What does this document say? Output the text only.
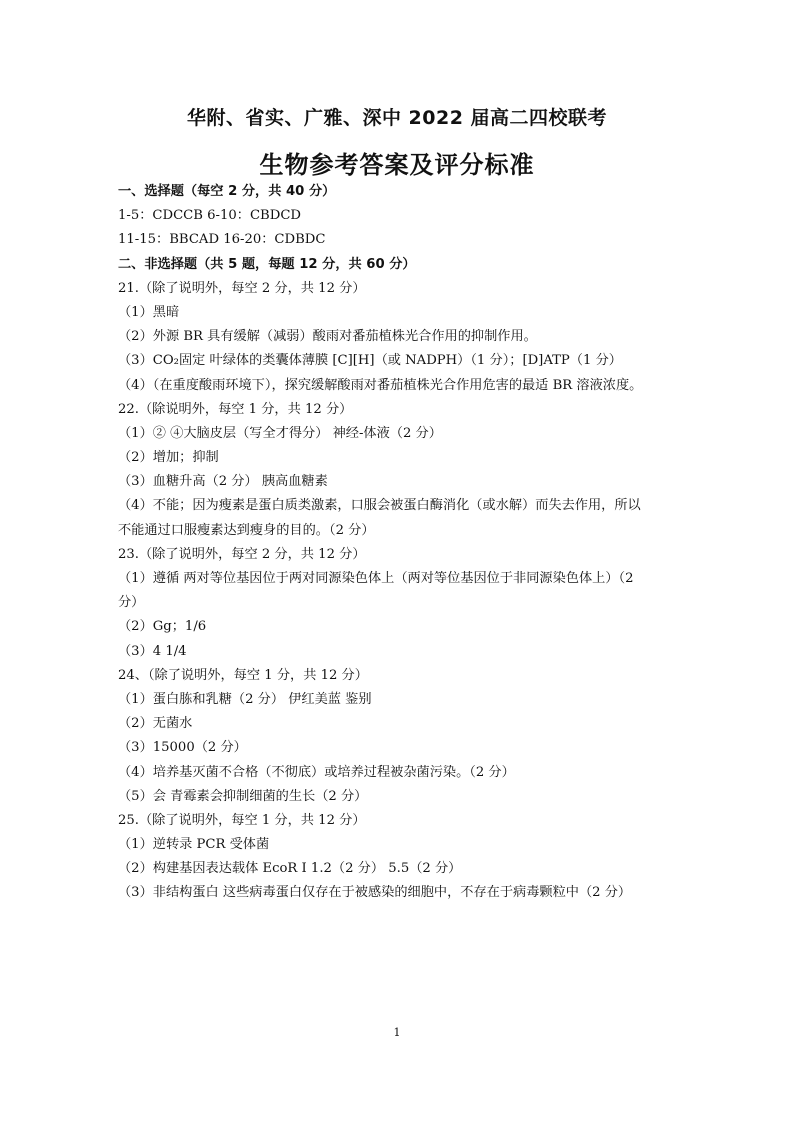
华附、省实、广雅、深中 2022 届高二四校联考
生物参考答案及评分标准
一、选择题（每空 2 分，共 40 分）
1-5：CDCCB 6-10：CBDCD
11-15：BBCAD 16-20：CDBDC
二、非选择题（共 5 题，每题 12 分，共 60 分）
21.（除了说明外，每空 2 分，共 12 分）
（1）黑暗
（2）外源 BR 具有缓解（减弱）酸雨对番茄植株光合作用的抑制作用。
（3）CO₂固定 叶绿体的类囊体薄膜 [C][H]（或 NADPH）（1 分）；[D]ATP（1 分）
（4）（在重度酸雨环境下），探究缓解酸雨对番茄植株光合作用危害的最适 BR 溶液浓度。
22.（除说明外，每空 1 分，共 12 分）
（1）② ④大脑皮层（写全才得分） 神经-体液（2 分）
（2）增加；抑制
（3）血糖升高（2 分） 胰高血糖素
（4）不能；因为瘦素是蛋白质类激素，口服会被蛋白酶消化（或水解）而失去作用，所以
不能通过口服瘦素达到瘦身的目的。（2 分）
23.（除了说明外，每空 2 分，共 12 分）
（1）遵循 两对等位基因位于两对同源染色体上（两对等位基因位于非同源染色体上）（2
分）
（2）Gg；1/6
（3）4 1/4
24、（除了说明外，每空 1 分，共 12 分）
（1）蛋白胨和乳糖（2 分） 伊红美蓝 鉴别
（2）无菌水
（3）15000（2 分）
（4）培养基灭菌不合格（不彻底）或培养过程被杂菌污染。（2 分）
（5）会 青霉素会抑制细菌的生长（2 分）
25.（除了说明外，每空 1 分，共 12 分）
（1）逆转录 PCR 受体菌
（2）构建基因表达载体 EcoR Ⅰ 1.2（2 分） 5.5（2 分）
（3）非结构蛋白 这些病毒蛋白仅存在于被感染的细胞中，不存在于病毒颗粒中（2 分）
1
